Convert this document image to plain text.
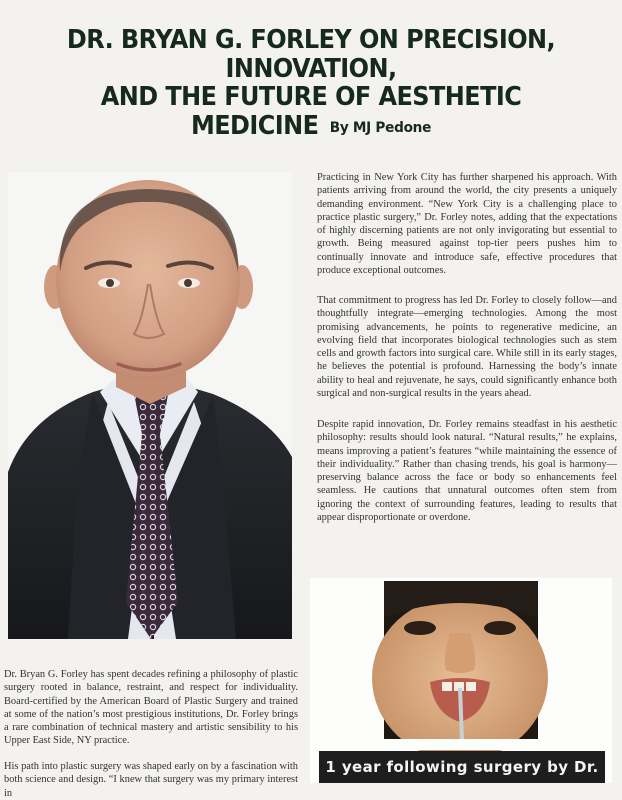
DR. BRYAN G. FORLEY ON PRECISION,
INNOVATION,
AND THE FUTURE OF AESTHETIC
MEDICINE By MJ Pedone

Practicing in New York City has further sharpened his approach. With patients arriving from around the world, the city presents a uniquely demanding environment. “New York City is a challenging place to practice plastic surgery,” Dr. Forley notes, adding that the expectations of highly discerning patients are not only invigorating but essential to growth. Being measured against top-tier peers pushes him to continually innovate and introduce safe, effective procedures that produce exceptional outcomes.

That commitment to progress has led Dr. Forley to closely follow—and thoughtfully integrate—emerging technologies. Among the most promising advancements, he points to regenerative medicine, an evolving field that incorporates biological technologies such as stem cells and growth factors into surgical care. While still in its early stages, he believes the potential is profound. Harnessing the body’s innate ability to heal and rejuvenate, he says, could significantly enhance both surgical and non-surgical results in the years ahead.

Despite rapid innovation, Dr. Forley remains steadfast in his aesthetic philosophy: results should look natural. “Natural results,” he explains, means improving a patient’s features “while maintaining the essence of their individuality.” Rather than chasing trends, his goal is harmony—preserving balance across the face or body so enhancements feel seamless. He cautions that unnatural outcomes often stem from ignoring the context of surrounding features, leading to results that appear disproportionate or overdone.

1 year following surgery by Dr.

Dr. Bryan G. Forley has spent decades refining a philosophy of plastic surgery rooted in balance, restraint, and respect for individuality. Board-certified by the American Board of Plastic Surgery and trained at some of the nation’s most prestigious institutions, Dr. Forley brings a rare combination of technical mastery and artistic sensibility to his Upper East Side, NY practice.

His path into plastic surgery was shaped early on by a fascination with both science and design. “I knew that surgery was my primary interest in
